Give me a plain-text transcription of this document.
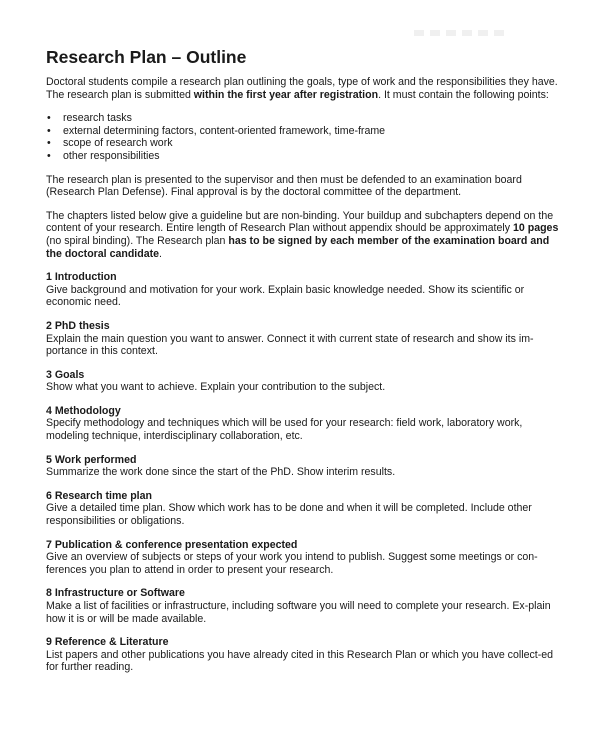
Research Plan – Outline

Doctoral students compile a research plan outlining the goals, type of work and the responsibilities they have. The research plan is submitted within the first year after registration. It must contain the following points:

• research tasks
• external determining factors, content-oriented framework, time-frame
• scope of research work
• other responsibilities

The research plan is presented to the supervisor and then must be defended to an examination board (Research Plan Defense). Final approval is by the doctoral committee of the department.

The chapters listed below give a guideline but are non-binding. Your buildup and subchapters depend on the content of your research. Entire length of Research Plan without appendix should be approximately 10 pages (no spiral binding). The Research plan has to be signed by each member of the examination board and the doctoral candidate.

1 Introduction

Give background and motivation for your work. Explain basic knowledge needed. Show its scientific or economic need.

2 PhD thesis

Explain the main question you want to answer. Connect it with current state of research and show its im-portance in this context.

3 Goals

Show what you want to achieve. Explain your contribution to the subject.

4 Methodology

Specify methodology and techniques which will be used for your research: field work, laboratory work, modeling technique, interdisciplinary collaboration, etc.

5 Work performed

Summarize the work done since the start of the PhD. Show interim results.

6 Research time plan

Give a detailed time plan. Show which work has to be done and when it will be completed. Include other responsibilities or obligations.

7 Publication & conference presentation expected

Give an overview of subjects or steps of your work you intend to publish. Suggest some meetings or con-ferences you plan to attend in order to present your research.

8 Infrastructure or Software

Make a list of facilities or infrastructure, including software you will need to complete your research. Ex-plain how it is or will be made available.

9 Reference & Literature

List papers and other publications you have already cited in this Research Plan or which you have collect-ed for further reading.
